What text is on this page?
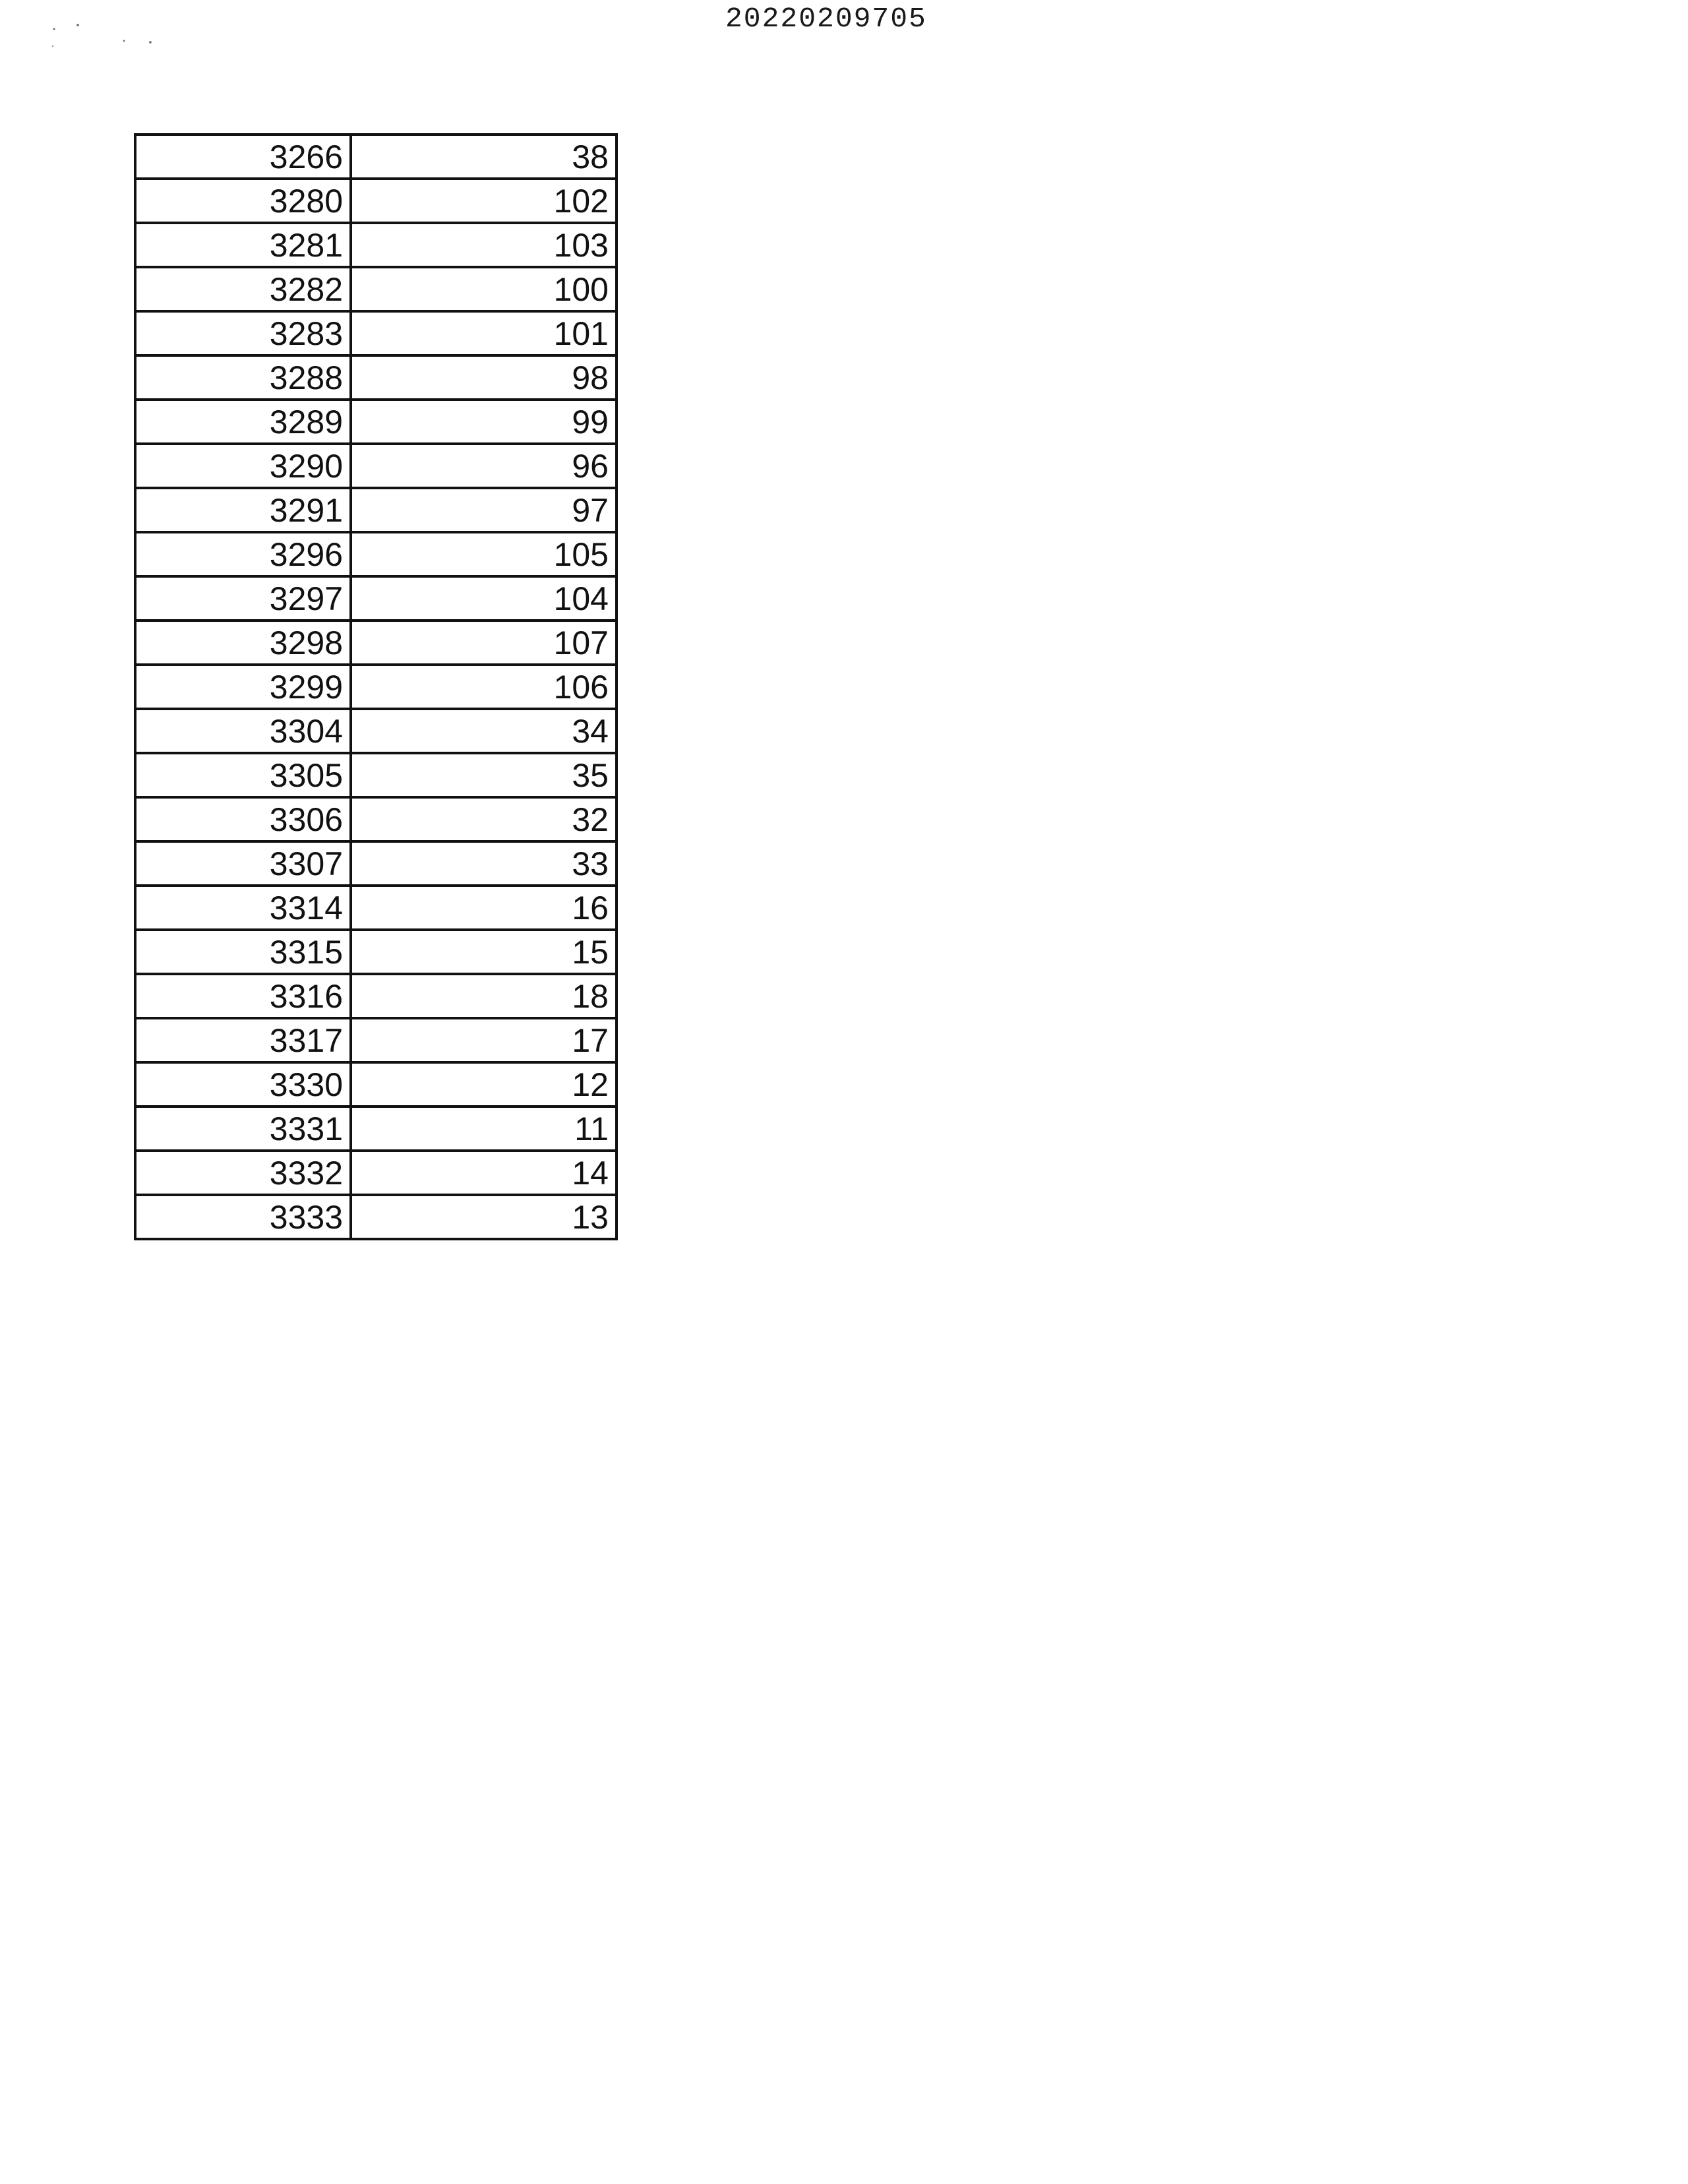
20220209705
3266	38
3280	102
3281	103
3282	100
3283	101
3288	98
3289	99
3290	96
3291	97
3296	105
3297	104
3298	107
3299	106
3304	34
3305	35
3306	32
3307	33
3314	16
3315	15
3316	18
3317	17
3330	12
3331	11
3332	14
3333	13
